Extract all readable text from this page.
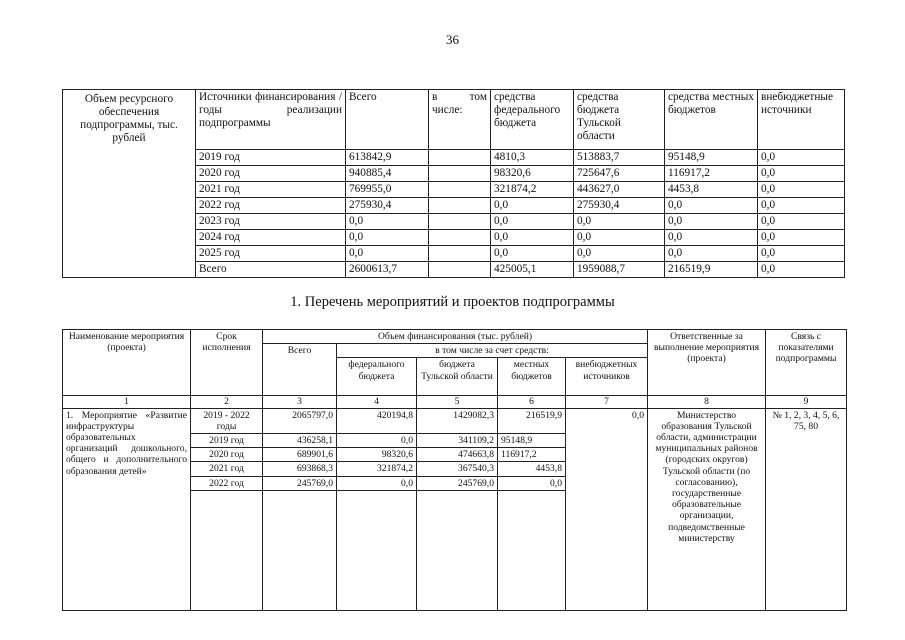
36
Объем ресурсного обеспечения подпрограммы, тыс. рублей	Источники финансирования / годы реализации подпрограммы	Всего	в том числе:	средства федерального бюджета	средства бюджета Тульской области	средства местных бюджетов	внебюджетные источники
	2019 год	613842,9		4810,3	513883,7	95148,9	0,0
	2020 год	940885,4		98320,6	725647,6	116917,2	0,0
	2021 год	769955,0		321874,2	443627,0	4453,8	0,0
	2022 год	275930,4		0,0	275930,4	0,0	0,0
	2023 год	0,0		0,0	0,0	0,0	0,0
	2024 год	0,0		0,0	0,0	0,0	0,0
	2025 год	0,0		0,0	0,0	0,0	0,0
	Всего	2600613,7		425005,1	1959088,7	216519,9	0,0
1. Перечень мероприятий и проектов подпрограммы
Наименование мероприятия (проекта)	Срок исполнения	Объем финансирования (тыс. рублей)					Ответственные за выполнение мероприятия (проекта)	Связь с показателями подпрограммы
		Всего	в том числе за счет средств:					
			федерального бюджета	бюджета Тульской области	местных бюджетов	внебюджетных источников		
1	2	3	4	5	6	7	8	9
1. Мероприятие «Развитие инфраструктуры образовательных организаций дошкольного, общего и дополнительного образования детей»	2019 - 2022 годы	2065797,0	420194,8	1429082,3	216519,9	0,0	Министерство образования Тульской области, администрации муниципальных районов (городских округов) Тульской области (по согласованию), государственные образовательные организации, подведомственные министерству	№ 1, 2, 3, 4, 5, 6, 75, 80
	2019 год	436258,1	0,0	341109,2	95148,9			
	2020 год	689901,6	98320,6	474663,8	116917,2			
	2021 год	693868,3	321874,2	367540,3	4453,8			
	2022 год	245769,0	0,0	245769,0	0,0			
